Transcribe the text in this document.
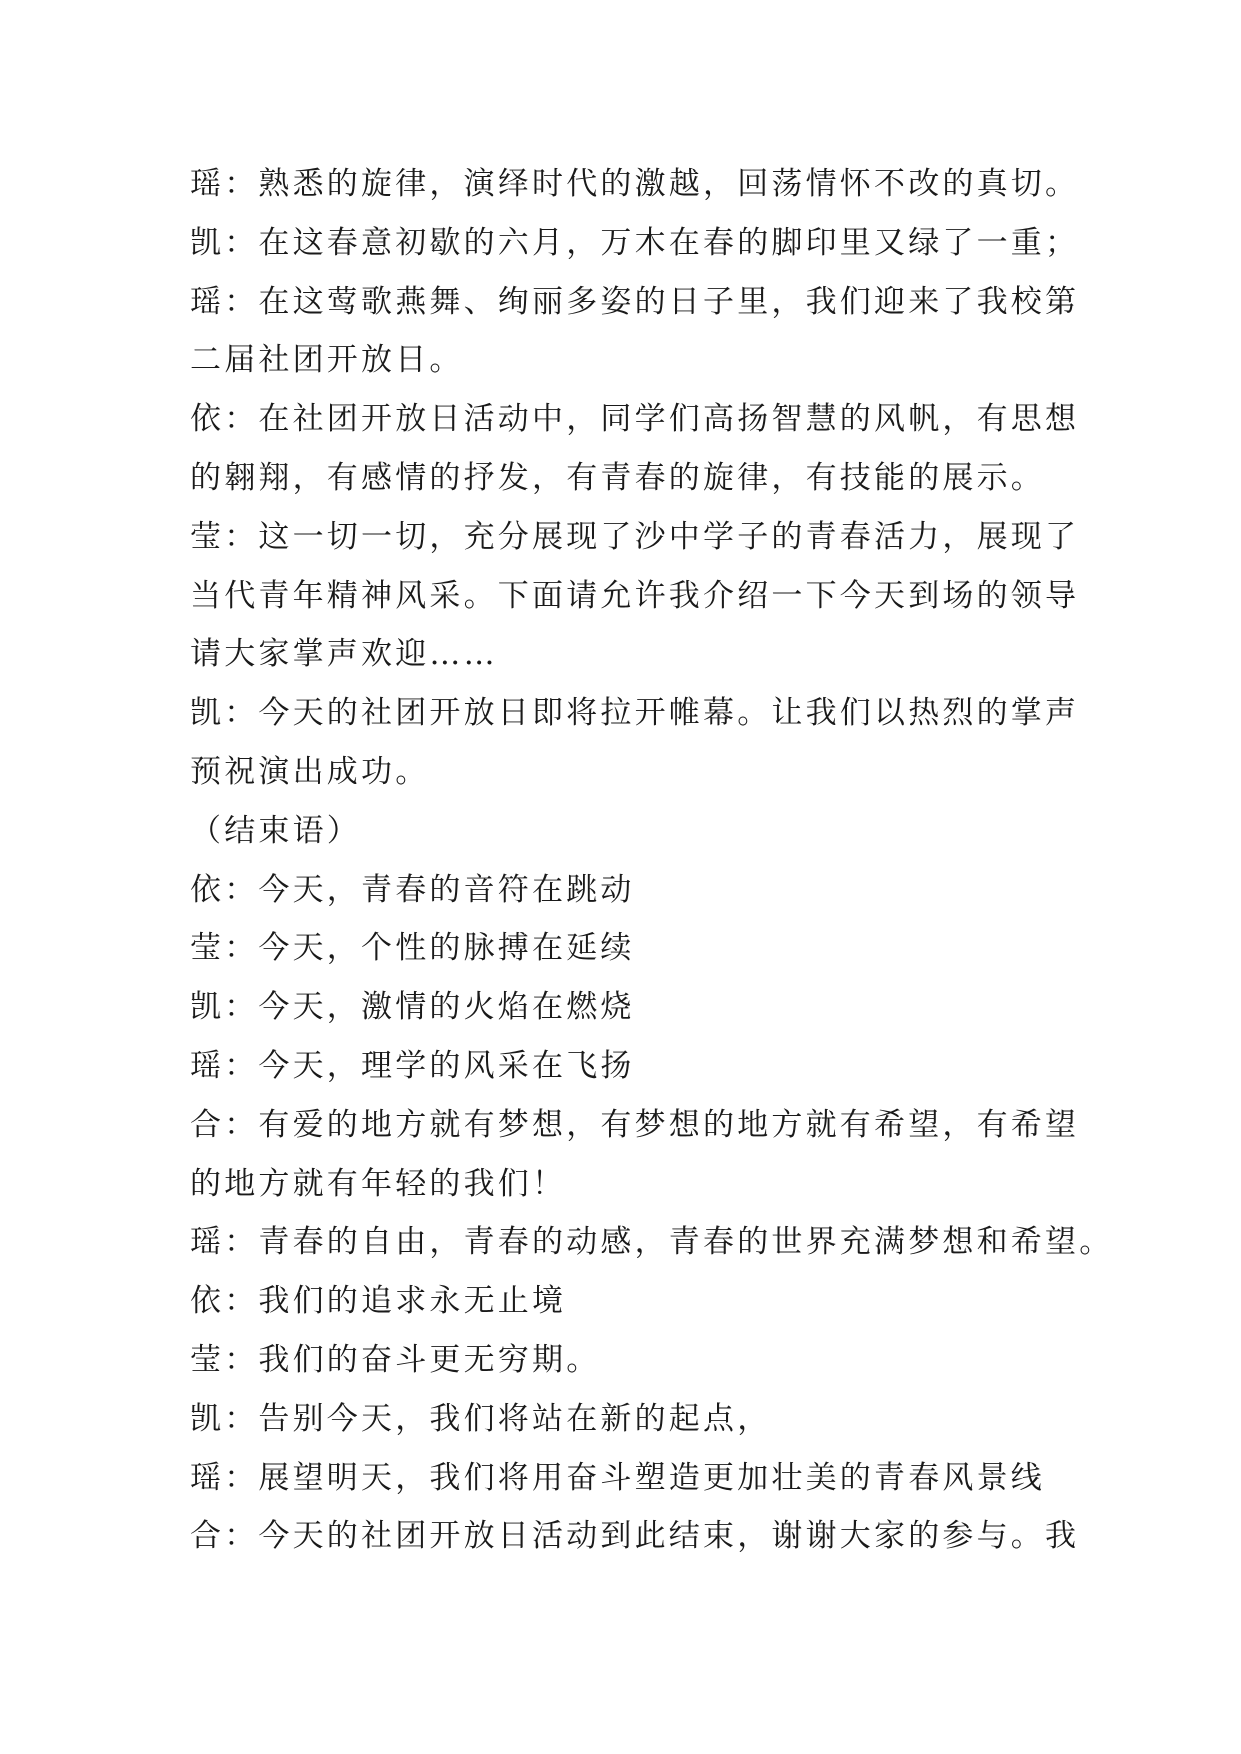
瑶：熟悉的旋律，演绎时代的激越，回荡情怀不改的真切。
凯：在这春意初歇的六月，万木在春的脚印里又绿了一重；
瑶：在这莺歌燕舞、绚丽多姿的日子里，我们迎来了我校第
二届社团开放日。
依：在社团开放日活动中，同学们高扬智慧的风帆，有思想
的翱翔，有感情的抒发，有青春的旋律，有技能的展示。
莹：这一切一切，充分展现了沙中学子的青春活力，展现了
当代青年精神风采。下面请允许我介绍一下今天到场的领导
请大家掌声欢迎……
凯：今天的社团开放日即将拉开帷幕。让我们以热烈的掌声
预祝演出成功。
（结束语）
依：今天，青春的音符在跳动
莹：今天，个性的脉搏在延续
凯：今天，激情的火焰在燃烧
瑶：今天，理学的风采在飞扬
合：有爱的地方就有梦想，有梦想的地方就有希望，有希望
的地方就有年轻的我们！
瑶：青春的自由，青春的动感，青春的世界充满梦想和希望。
依：我们的追求永无止境
莹：我们的奋斗更无穷期。
凯：告别今天，我们将站在新的起点，
瑶：展望明天，我们将用奋斗塑造更加壮美的青春风景线
合：今天的社团开放日活动到此结束，谢谢大家的参与。我
